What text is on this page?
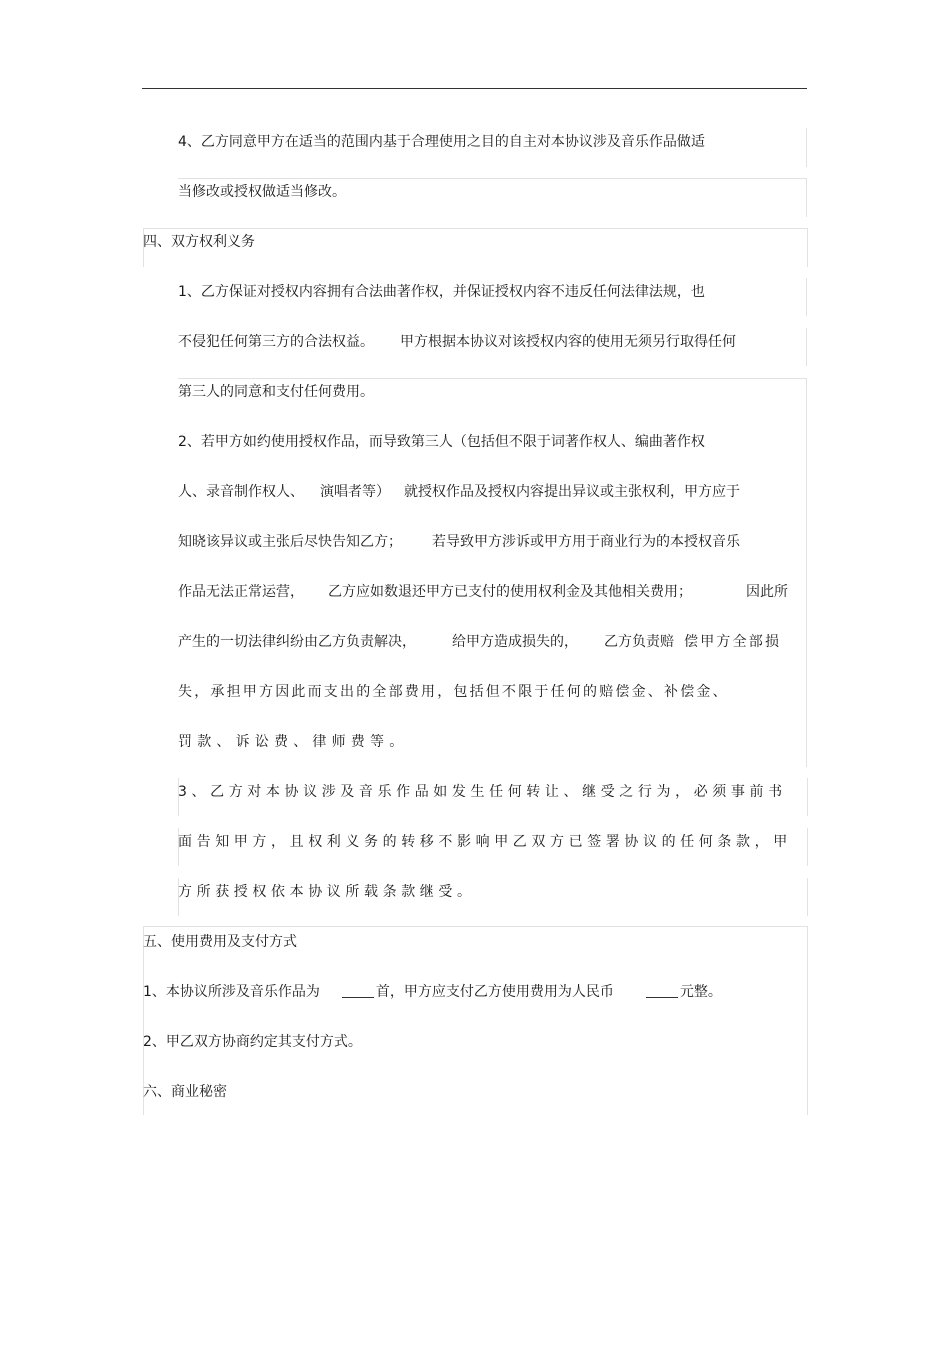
4、乙方同意甲方在适当的范围内基于合理使用之目的自主对本协议涉及音乐作品做适
当修改或授权做适当修改。
四、双方权利义务
1、乙方保证对授权内容拥有合法曲著作权，并保证授权内容不违反任何法律法规，也
不侵犯任何第三方的合法权益。 甲方根据本协议对该授权内容的使用无须另行取得任何
第三人的同意和支付任何费用。
2、若甲方如约使用授权作品，而导致第三人（包括但不限于词著作权人、编曲著作权
人、录音制作权人、 演唱者等） 就授权作品及授权内容提出异议或主张权利，甲方应于
知晓该异议或主张后尽快告知乙方； 若导致甲方涉诉或甲方用于商业行为的本授权音乐
作品无法正常运营， 乙方应如数退还甲方已支付的使用权利金及其他相关费用；	因此所
产生的一切法律纠纷由乙方负责解决，	给甲方造成损失的， 乙方负责赔 偿甲方全部损
失，承担甲方因此而支出的全部费用，包括但不限于任何的赔偿金、补偿金、
罚款、诉讼费、律师费等。
3、乙方对本协议涉及音乐作品如发生任何转让、继受之行为，必须事前书
面告知甲方，且权利义务的转移不影响甲乙双方已签署协议的任何条款，甲
方所获授权依本协议所载条款继受。
五、使用费用及支付方式
1、本协议所涉及音乐作品为	首，甲方应支付乙方使用费用为人民币	元整。
2、甲乙双方协商约定其支付方式。
六、商业秘密
